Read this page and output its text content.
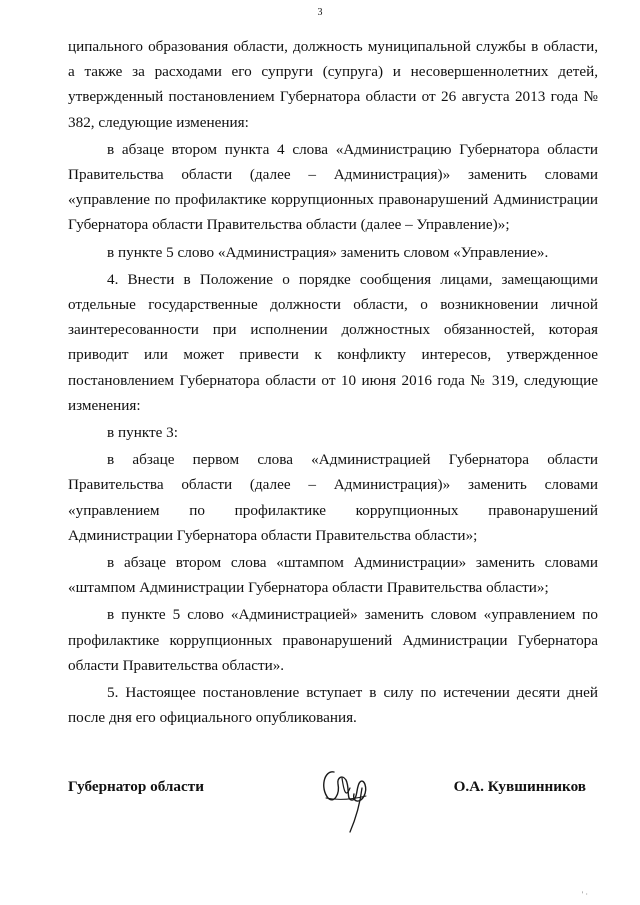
3

ципального образования области, должность муниципальной службы в области, а также за расходами его супруги (супруга) и несовершеннолетних детей, утвержденный постановлением Губернатора области от 26 августа 2013 года № 382, следующие изменения:

в абзаце втором пункта 4 слова «Администрацию Губернатора области Правительства области (далее – Администрация)» заменить словами «управление по профилактике коррупционных правонарушений Администрации Губернатора области Правительства области (далее – Управление)»;

в пункте 5 слово «Администрация» заменить словом «Управление».

4. Внести в Положение о порядке сообщения лицами, замещающими отдельные государственные должности области, о возникновении личной заинтересованности при исполнении должностных обязанностей, которая приводит или может привести к конфликту интересов, утвержденное постановлением Губернатора области от 10 июня 2016 года № 319, следующие изменения:

в пункте 3:

в абзаце первом слова «Администрацией Губернатора области Правительства области (далее – Администрация)» заменить словами «управлением по профилактике коррупционных правонарушений Администрации Губернатора области Правительства области»;

в абзаце втором слова «штампом Администрации» заменить словами «штампом Администрации Губернатора области Правительства области»;

в пункте 5 слово «Администрацией» заменить словом «управлением по профилактике коррупционных правонарушений Администрации Губернатора области Правительства области».

5. Настоящее постановление вступает в силу по истечении десяти дней после дня его официального опубликования.

Губернатор области	О.А. Кувшинников
' ·
